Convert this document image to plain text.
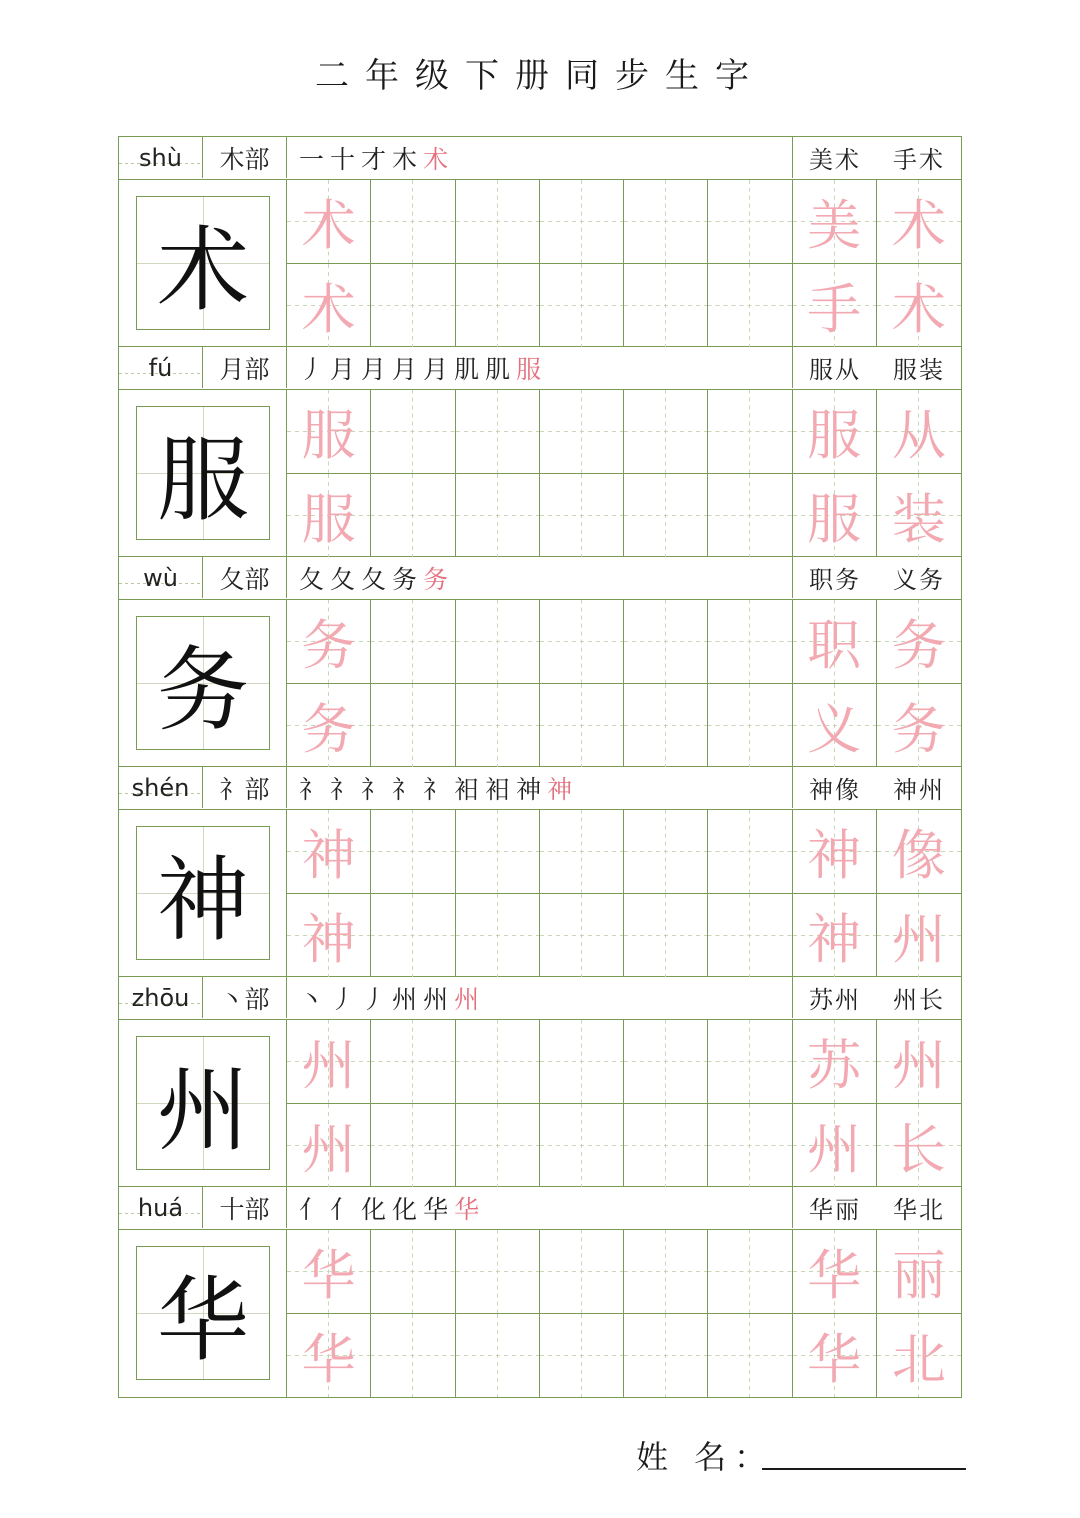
二年级下册同步生字
shù	木部	一十才木术	美术 手术
术 术	美 术
术	手 术
fú	月部	丿月月月月肌肌服	服从 服装
服 服	服 从
服	服 装
wù	夂部	夂夂夂务务	职务 义务
务 务	职 务
务	义 务
shén	礻部	礻礻礻礻礻衵衵神神	神像 神州
神 神	神 像
神	神 州
zhōu	丶部	丶丿丿州州州	苏州 州长
州 州	苏 州
州	州 长
huá	十部	亻亻化化华华	华丽 华北
华 华	华 丽
华	华 北
姓 名：
